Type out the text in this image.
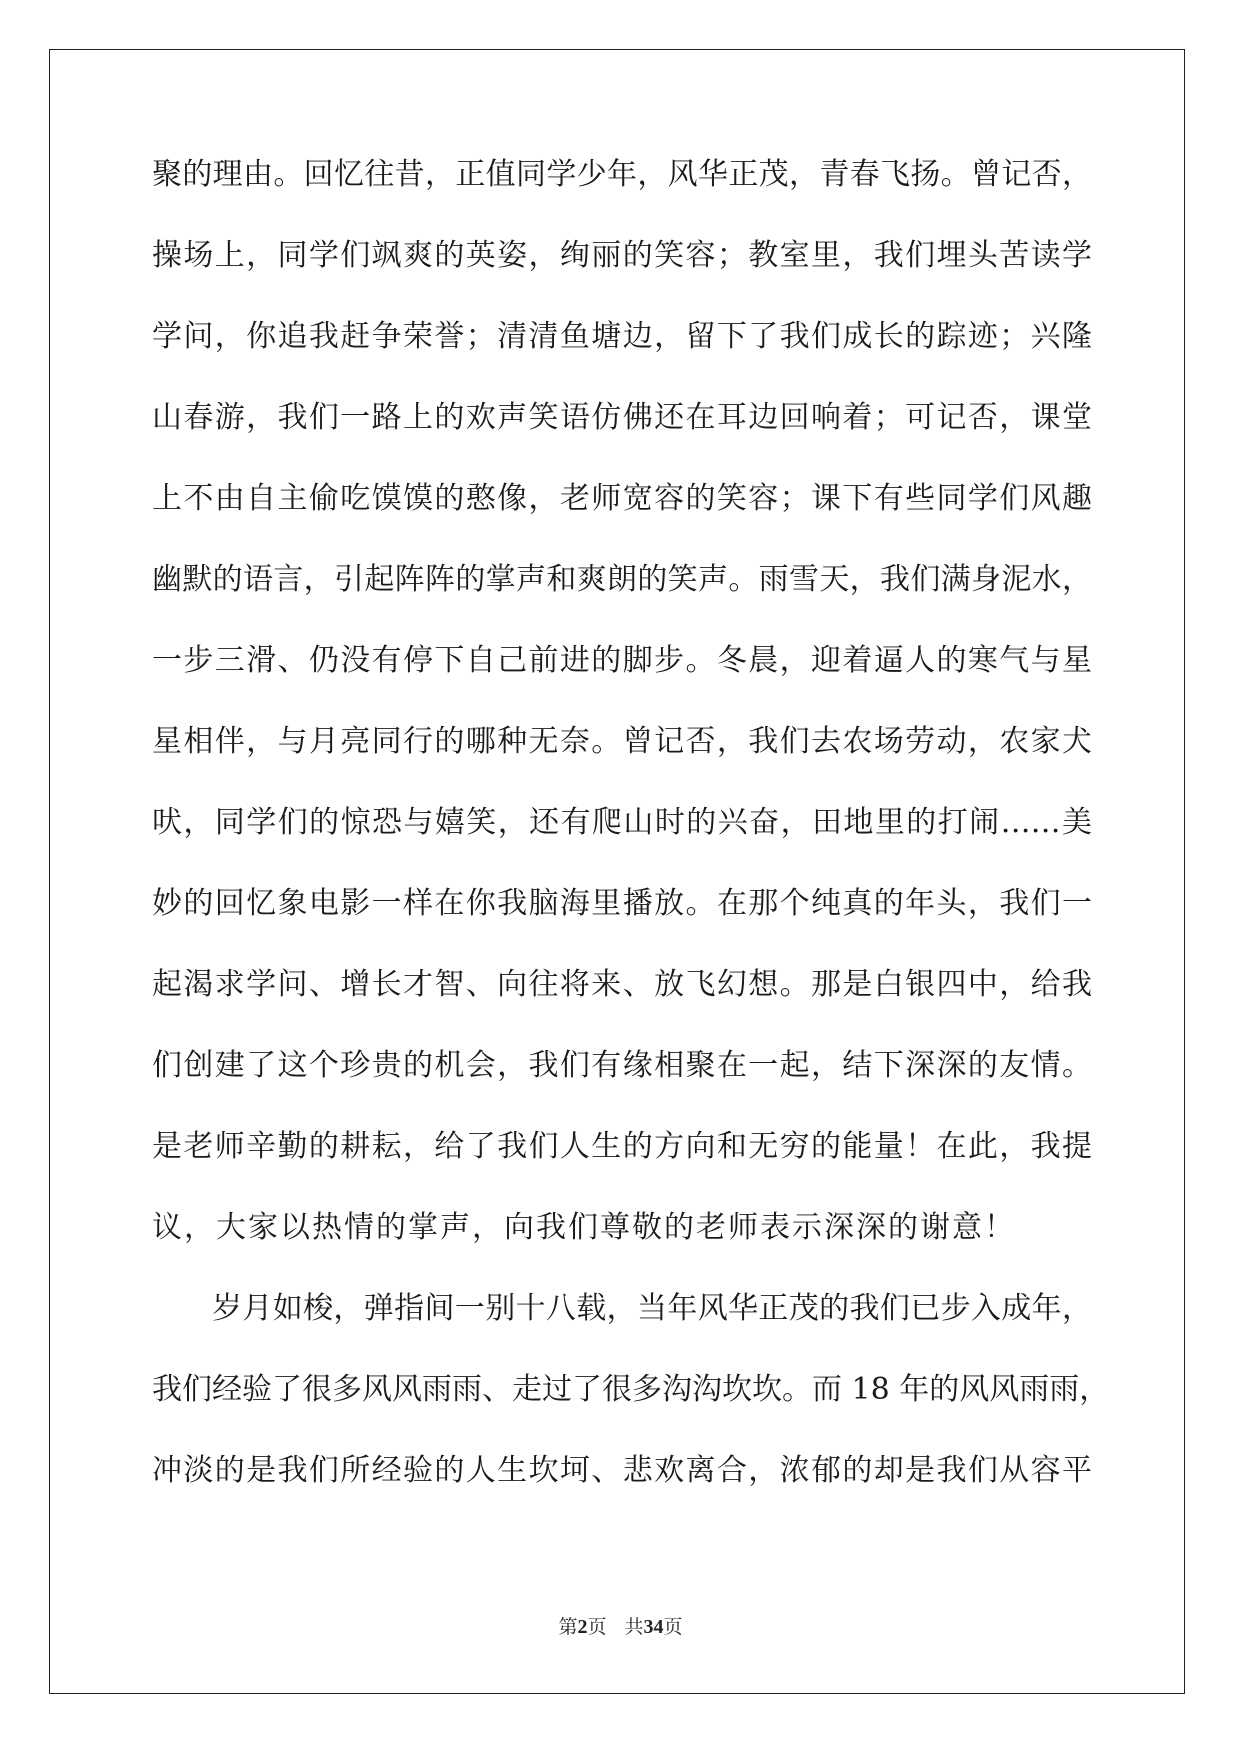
聚的理由。回忆往昔，正值同学少年，风华正茂，青春飞扬。曾记否，
操场上，同学们飒爽的英姿，绚丽的笑容；教室里，我们埋头苦读学
学问，你追我赶争荣誉；清清鱼塘边，留下了我们成长的踪迹；兴隆
山春游，我们一路上的欢声笑语仿佛还在耳边回响着；可记否，课堂
上不由自主偷吃馍馍的憨像，老师宽容的笑容；课下有些同学们风趣
幽默的语言，引起阵阵的掌声和爽朗的笑声。雨雪天，我们满身泥水，
一步三滑、仍没有停下自己前进的脚步。冬晨，迎着逼人的寒气与星
星相伴，与月亮同行的哪种无奈。曾记否，我们去农场劳动，农家犬
吠，同学们的惊恐与嬉笑，还有爬山时的兴奋，田地里的打闹……美
妙的回忆象电影一样在你我脑海里播放。在那个纯真的年头，我们一
起渴求学问、增长才智、向往将来、放飞幻想。那是白银四中，给我
们创建了这个珍贵的机会，我们有缘相聚在一起，结下深深的友情。
是老师辛勤的耕耘，给了我们人生的方向和无穷的能量！在此，我提
议，大家以热情的掌声，向我们尊敬的老师表示深深的谢意！
岁月如梭，弹指间一别十八载，当年风华正茂的我们已步入成年，
我们经验了很多风风雨雨、走过了很多沟沟坎坎。而 18 年的风风雨雨，
冲淡的是我们所经验的人生坎坷、悲欢离合，浓郁的却是我们从容平
第2页 共34页
